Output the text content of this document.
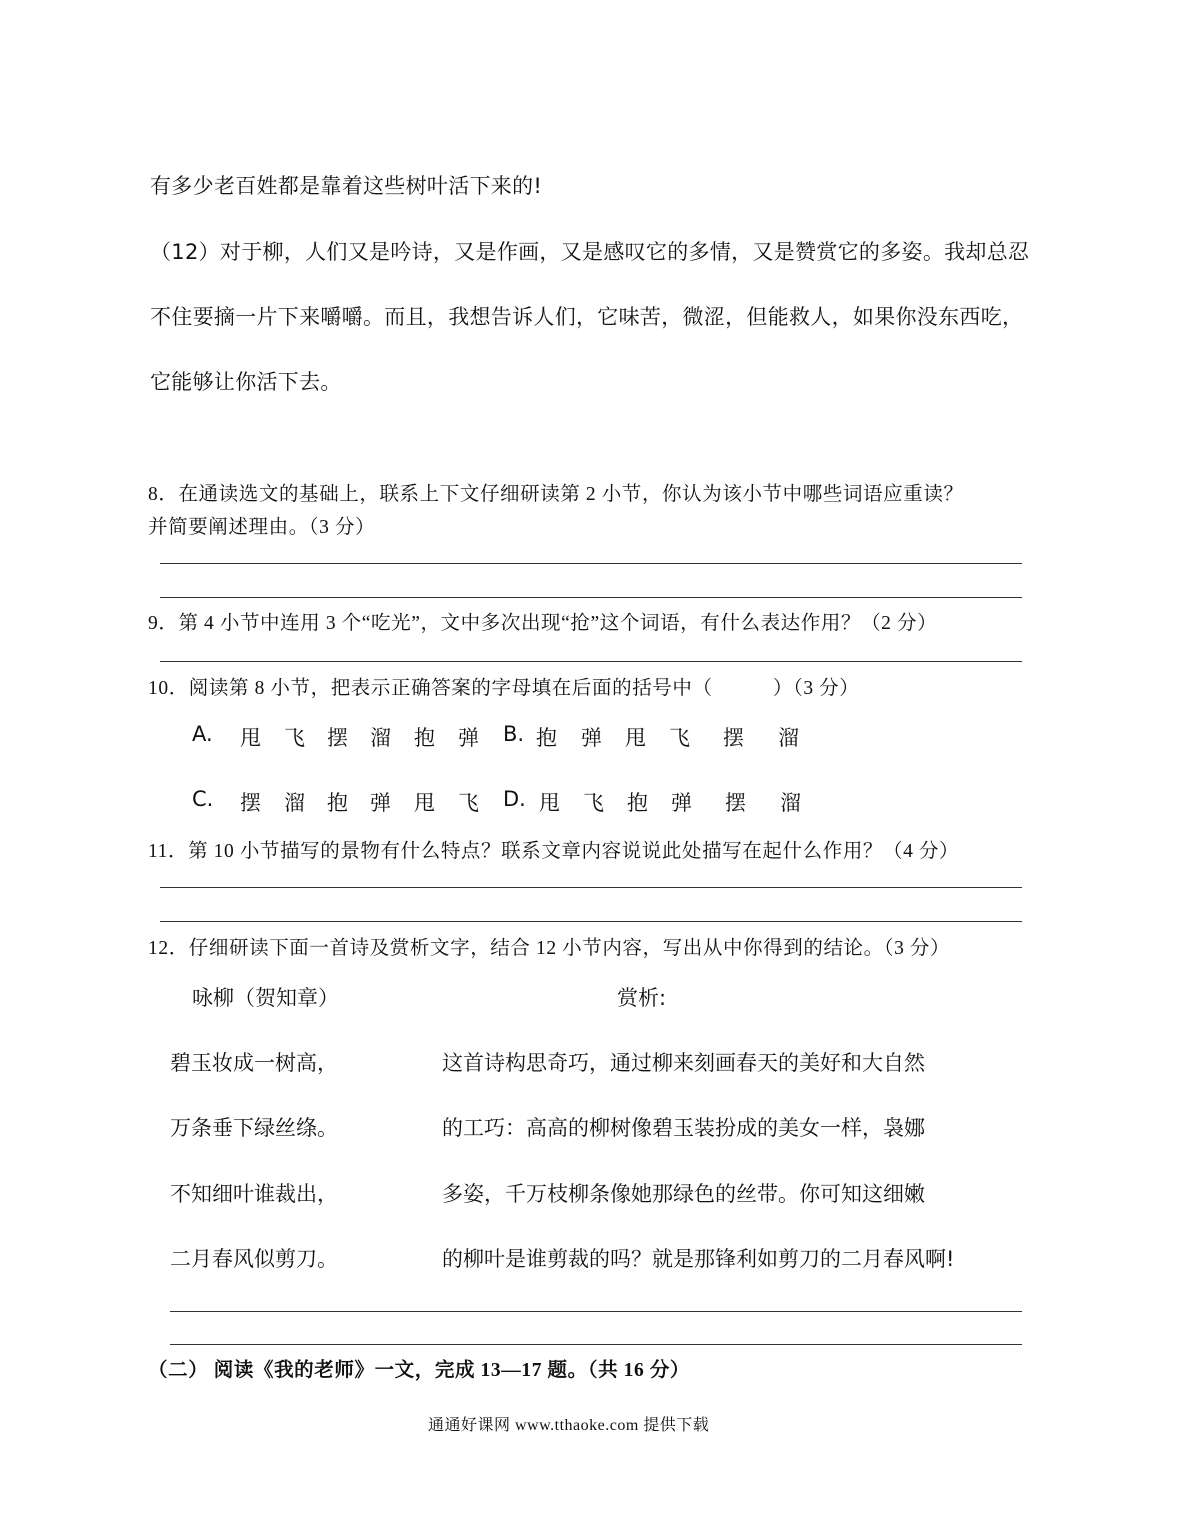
有多少老百姓都是靠着这些树叶活下来的!
（12）对于柳，人们又是吟诗，又是作画，又是感叹它的多情，又是赞赏它的多姿。我却总忍
不住要摘一片下来嚼嚼。而且，我想告诉人们，它味苦，微涩，但能救人，如果你没东西吃，
它能够让你活下去。
8．在通读选文的基础上，联系上下文仔细研读第 2 小节，你认为该小节中哪些词语应重读？
并简要阐述理由。（3 分）
9．第 4 小节中连用 3 个“吃光”，文中多次出现“抢”这个词语，有什么表达作用？（2 分）
10．阅读第 8 小节，把表示正确答案的字母填在后面的括号中（　　　）（3 分）
A. 甩 飞 摆 溜 抱 弹 B. 抱 弹 甩 飞 摆 溜
C. 摆 溜 抱 弹 甩 飞 D. 甩 飞 抱 弹 摆 溜
11．第 10 小节描写的景物有什么特点？联系文章内容说说此处描写在起什么作用？（4 分）
12．仔细研读下面一首诗及赏析文字，结合 12 小节内容，写出从中你得到的结论。（3 分）
咏柳（贺知章）	赏析:
碧玉妆成一树高，	这首诗构思奇巧，通过柳来刻画春天的美好和大自然
万条垂下绿丝绦。	的工巧：高高的柳树像碧玉装扮成的美女一样，袅娜
不知细叶谁裁出，	多姿，千万枝柳条像她那绿色的丝带。你可知这细嫩
二月春风似剪刀。	的柳叶是谁剪裁的吗？就是那锋利如剪刀的二月春风啊!
（二） 阅读《我的老师》一文，完成 13—17 题。（共 16 分）
通通好课网 www.tthaoke.com 提供下载
